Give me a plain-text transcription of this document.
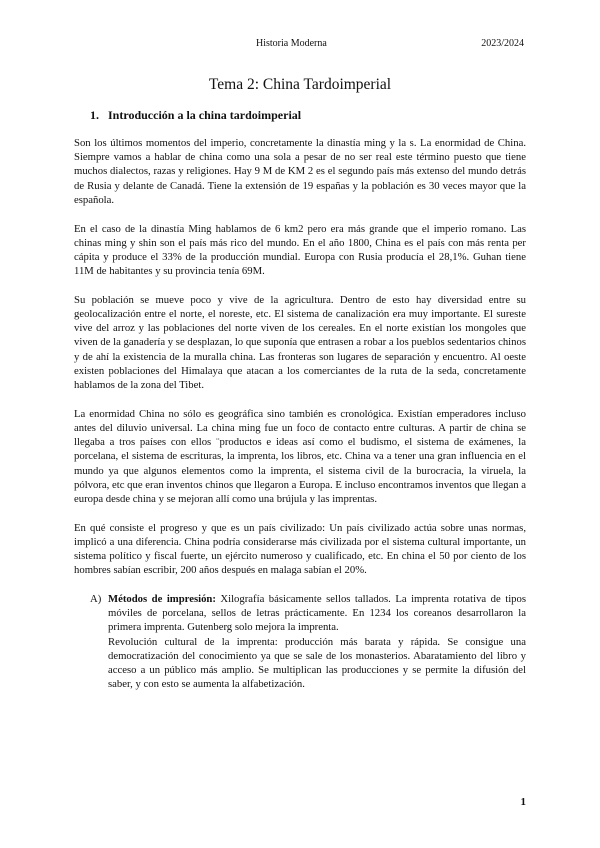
Historia Moderna	2023/2024
Tema 2: China Tardoimperial
1. Introducción a la china tardoimperial

Son los últimos momentos del imperio, concretamente la dinastía ming y la s. La enormidad de China. Siempre vamos a hablar de china como una sola a pesar de no ser real este término puesto que tiene muchos dialectos, razas y religiones. Hay 9 M de KM 2 es el segundo país más extenso del mundo detrás de Rusia y delante de Canadá. Tiene la extensión de 19 españas y la población es 30 veces mayor que la española.

En el caso de la dinastía Ming hablamos de 6 km2 pero era más grande que el imperio romano. Las chinas ming y shin son el país más rico del mundo. En el año 1800, China es el país con más renta per cápita y produce el 33% de la producción mundial. Europa con Rusia producía el 28,1%. Guhan tiene 11M de habitantes y su provincia tenía 69M.

Su población se mueve poco y vive de la agricultura. Dentro de esto hay diversidad entre su geolocalización entre el norte, el noreste, etc. El sistema de canalización era muy importante. El sureste vive del arroz y las poblaciones del norte viven de los cereales. En el norte existían los mongoles que viven de la ganadería y se desplazan, lo que suponía que entrasen a robar a los pueblos sedentarios chinos y de ahí la existencia de la muralla china. Las fronteras son lugares de separación y encuentro. Al oeste existen poblaciones del Himalaya que atacan a los comerciantes de la ruta de la seda, concretamente hablamos de la zona del Tibet.

La enormidad China no sólo es geográfica sino también es cronológica. Existían emperadores incluso antes del diluvio universal. La china ming fue un foco de contacto entre culturas. A partir de china se llegaba a tros países con ellos ¨productos e ideas así como el budismo, el sistema de exámenes, la porcelana, el sistema de escrituras, la imprenta, los libros, etc. China va a tener una gran influencia en el mundo ya que algunos elementos como la imprenta, el sistema civil de la burocracia, la viruela, la pólvora, etc que eran inventos chinos que llegaron a Europa. E incluso encontramos inventos que llegan a europa desde china y se mejoran allí como una brújula y las imprentas.

En qué consiste el progreso y que es un país civilizado: Un país civilizado actúa sobre unas normas, implicó a una diferencia. China podría considerarse más civilizada por el sistema cultural importante, un sistema político y fiscal fuerte, un ejército numeroso y cualificado, etc. En china el 50 por ciento de los hombres sabían escribir, 200 años después en malaga sabían el 20%.

A) Métodos de impresión: Xilografía básicamente sellos tallados. La imprenta rotativa de tipos móviles de porcelana, sellos de letras prácticamente. En 1234 los coreanos desarrollaron la primera imprenta. Gutenberg solo mejora la imprenta.

Revolución cultural de la imprenta: producción más barata y rápida. Se consigue una democratización del conocimiento ya que se sale de los monasterios. Abaratamiento del libro y acceso a un público más amplio. Se multiplican las producciones y se permite la difusión del saber, y con esto se aumenta la alfabetización.

1
